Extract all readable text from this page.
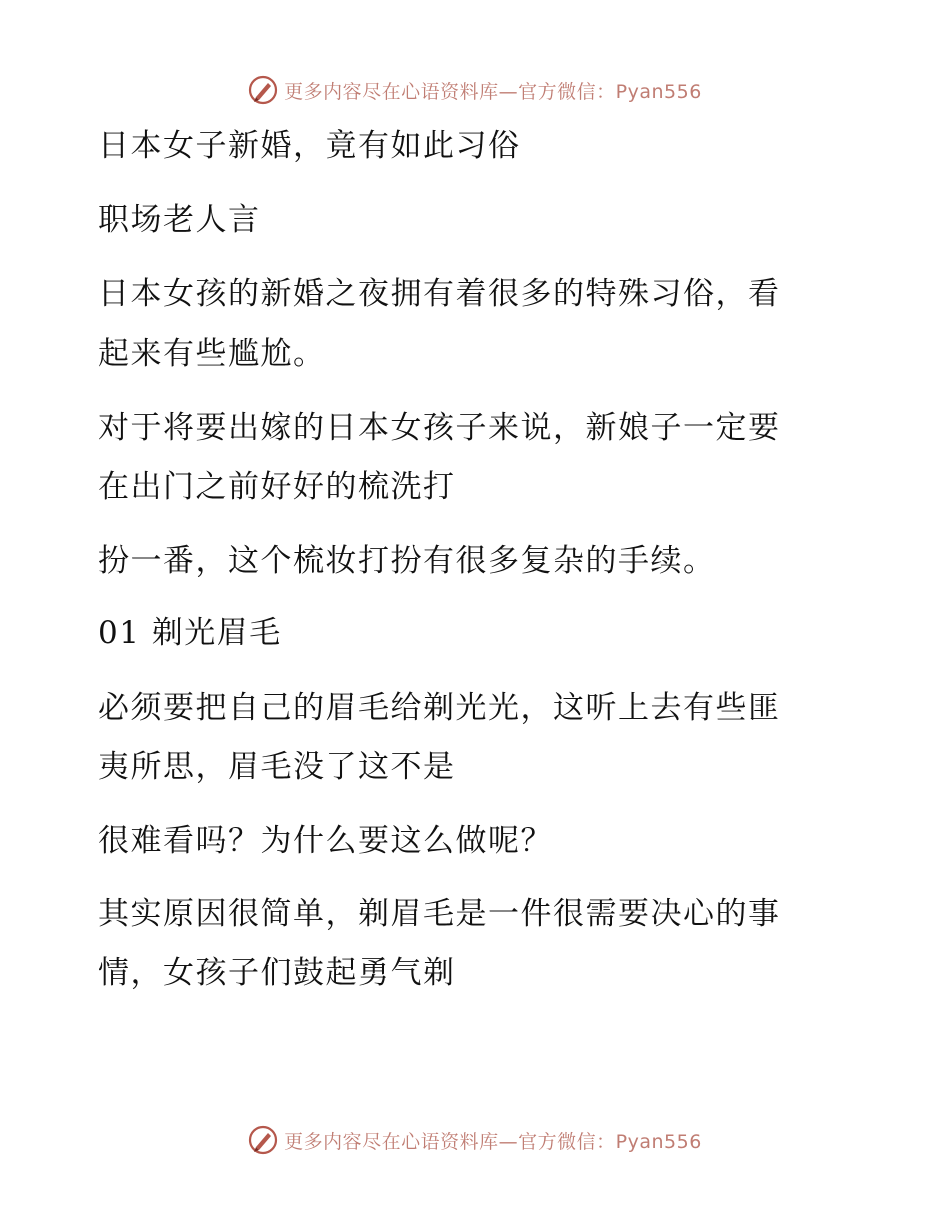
更多内容尽在心语资料库—官方微信：Pyan556
日本女子新婚，竟有如此习俗
职场老人言
日本女孩的新婚之夜拥有着很多的特殊习俗，看
起来有些尴尬。
对于将要出嫁的日本女孩子来说，新娘子一定要
在出门之前好好的梳洗打
扮一番，这个梳妆打扮有很多复杂的手续。
01 剃光眉毛
必须要把自己的眉毛给剃光光，这听上去有些匪
夷所思，眉毛没了这不是
很难看吗？为什么要这么做呢？
其实原因很简单，剃眉毛是一件很需要决心的事
情，女孩子们鼓起勇气剃
更多内容尽在心语资料库—官方微信：Pyan556
